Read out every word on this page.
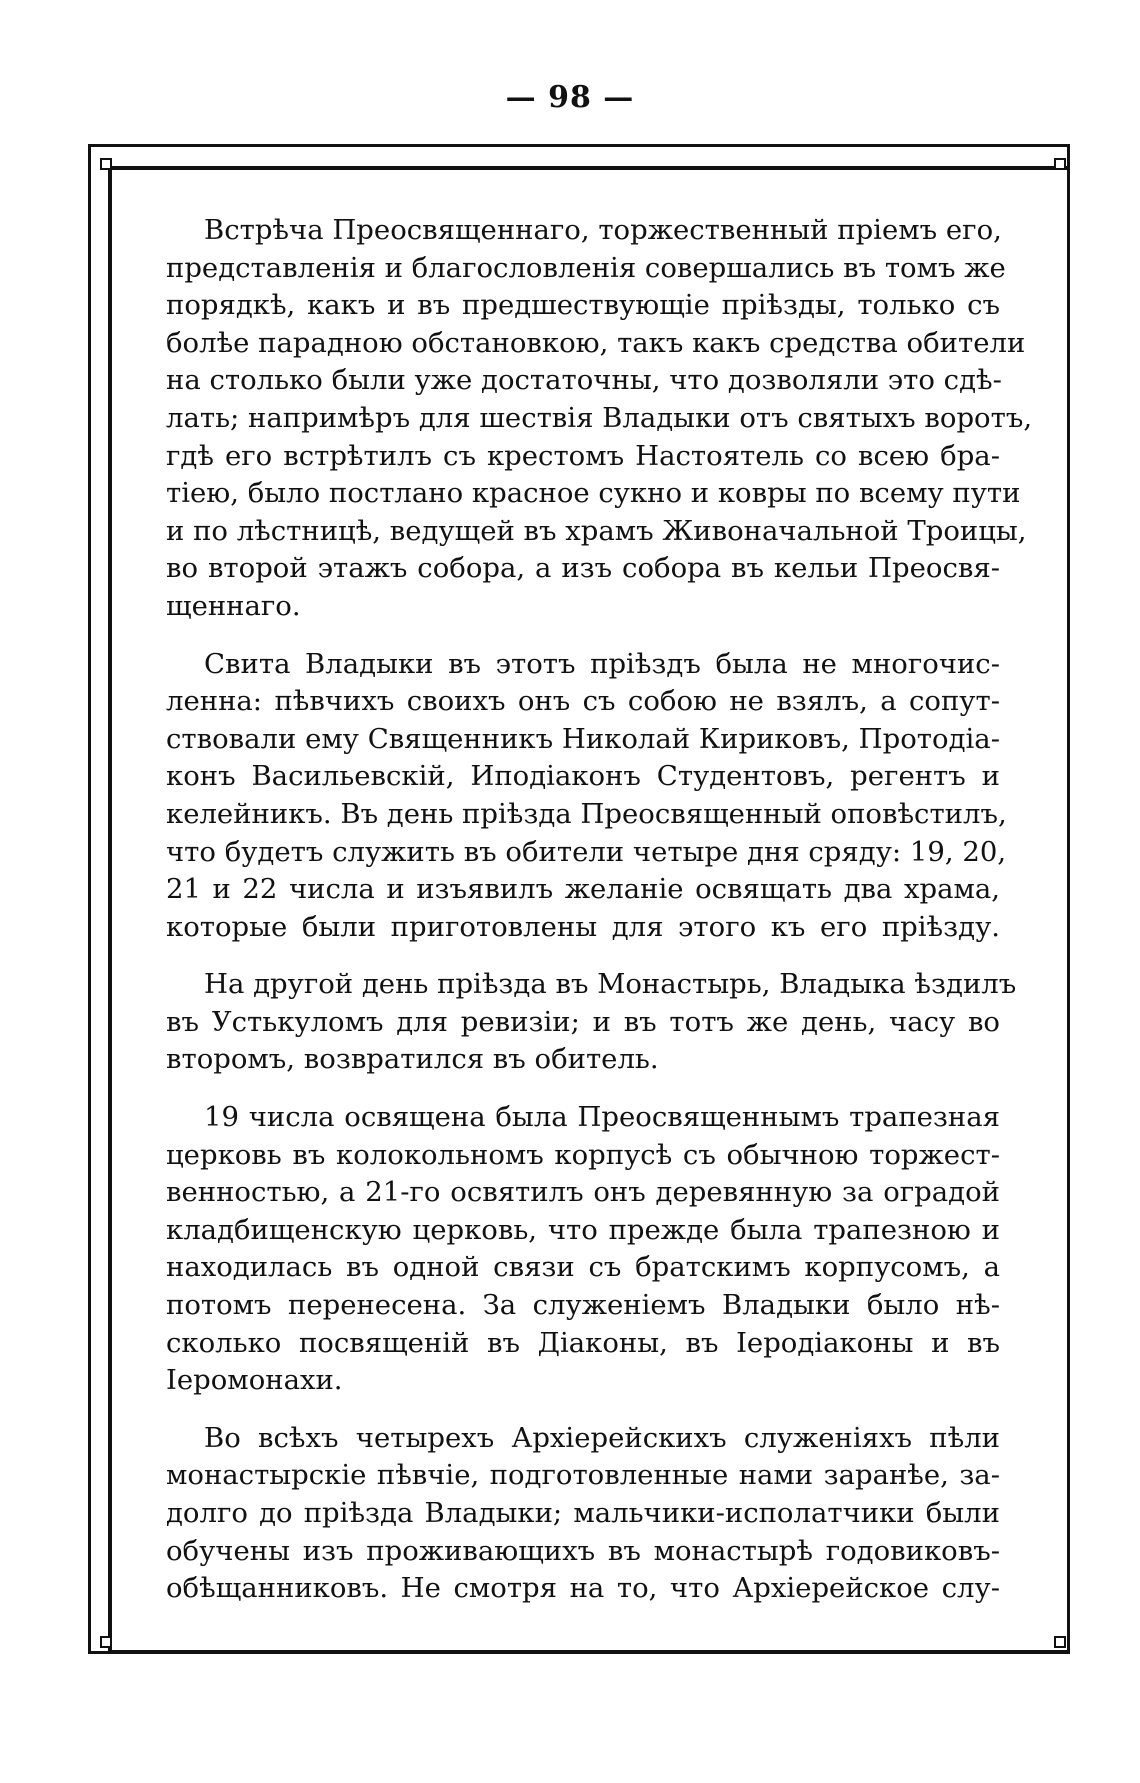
— 98 —

Встрѣча Преосвященнаго, торжественный пріемъ его,
представленія и благословленія совершались въ томъ же
порядкѣ, какъ и въ предшествующіе пріѣзды, только съ
болѣе парадною обстановкою, такъ какъ средства обители
на столько были уже достаточны, что дозволяли это сдѣ-
лать; напримѣръ для шествія Владыки отъ святыхъ воротъ,
гдѣ его встрѣтилъ съ крестомъ Настоятель со всею бра-
тіею, было постлано красное сукно и ковры по всему пути
и по лѣстницѣ, ведущей въ храмъ Живоначальной Троицы,
во второй этажъ собора, а изъ собора въ кельи Преосвя-
щеннаго.

Свита Владыки въ этотъ пріѣздъ была не многочис-
ленна: пѣвчихъ своихъ онъ съ собою не взялъ, а сопут-
ствовали ему Священникъ Николай Кириковъ, Протодіа-
конъ Васильевскій, Иподіаконъ Студентовъ, регентъ и
келейникъ. Въ день пріѣзда Преосвященный оповѣстилъ,
что будетъ служить въ обители четыре дня сряду: 19, 20,
21 и 22 числа и изъявилъ желаніе освящать два храма,
которые были приготовлены для этого къ его пріѣзду.

На другой день пріѣзда въ Монастырь, Владыка ѣздилъ
въ Устькуломъ для ревизіи; и въ тотъ же день, часу во
второмъ, возвратился въ обитель.

19 числа освящена была Преосвященнымъ трапезная
церковь въ колокольномъ корпусѣ съ обычною торжест-
венностью, а 21-го освятилъ онъ деревянную за оградой
кладбищенскую церковь, что прежде была трапезною и
находилась въ одной связи съ братскимъ корпусомъ, а
потомъ перенесена. За служеніемъ Владыки было нѣ-
сколько посвященій въ Діаконы, въ Іеродіаконы и въ
Іеромонахи.

Во всѣхъ четырехъ Архіерейскихъ служеніяхъ пѣли
монастырскіе пѣвчіе, подготовленные нами заранѣе, за-
долго до пріѣзда Владыки; мальчики-исполатчики были
обучены изъ проживающихъ въ монастырѣ годовиковъ-
обѣщанниковъ. Не смотря на то, что Архіерейское слу-
